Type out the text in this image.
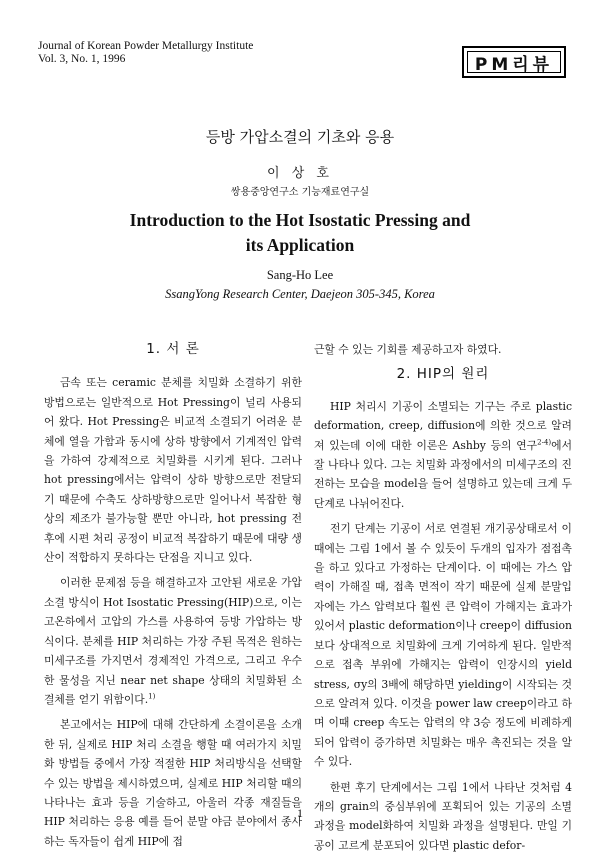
Journal of Korean Powder Metallurgy Institute
Vol. 3, No. 1, 1996	PM리뷰
등방 가압소결의 기초와 응용
이 상 호
쌍용중앙연구소 기능재료연구실
Introduction to the Hot Isostatic Pressing and
its Application
Sang-Ho Lee
SsangYong Research Center, Daejeon 305-345, Korea
1. 서 론

금속 또는 ceramic 분체를 치밀화 소결하기 위한 방법으로는 일반적으로 Hot Pressing이 널리 사용되어 왔다. Hot Pressing은 비교적 소결되기 어려운 분체에 열을 가함과 동시에 상하 방향에서 기계적인 압력을 가하여 강제적으로 치밀화를 시키게 된다. 그러나 hot pressing에서는 압력이 상하 방향으로만 전달되기 때문에 수축도 상하방향으로만 일어나서 복잡한 형상의 제조가 불가능할 뿐만 아니라, hot pressing 전후에 시편 처리 공정이 비교적 복잡하기 때문에 대량 생산이 적합하지 못하다는 단점을 지니고 있다.

이러한 문제점 등을 해결하고자 고안된 새로운 가압 소결 방식이 Hot Isostatic Pressing(HIP)으로, 이는 고온하에서 고압의 가스를 사용하여 등방 가압하는 방식이다. 분체를 HIP 처리하는 가장 주된 목적은 원하는 미세구조를 가지면서 경제적인 가격으로, 그리고 우수한 물성을 지닌 near net shape 상태의 치밀화된 소결체를 얻기 위함이다.$^{1)}$

본고에서는 HIP에 대해 간단하게 소결이론을 소개한 뒤, 실제로 HIP 처리 소결을 행할 때 여러가지 치밀화 방법들 중에서 가장 적절한 HIP 처리방식을 선택할 수 있는 방법을 제시하였으며, 실제로 HIP 처리할 때의 나타나는 효과 등을 기술하고, 아울러 각종 재질들을 HIP 처리하는 응용 예를 들어 분말 야금 분야에서 종사하는 독자들이 쉽게 HIP에 접

근할 수 있는 기회를 제공하고자 하였다.

2. HIP의 원리

HIP 처리시 기공이 소멸되는 기구는 주로 plastic deformation, creep, diffusion에 의한 것으로 알려져 있는데 이에 대한 이론은 Ashby 등의 연구$^{2-4)}$에서 잘 나타나 있다. 그는 치밀화 과정에서의 미세구조의 진전하는 모습을 model을 들어 설명하고 있는데 크게 두 단계로 나뉘어진다.

전기 단계는 기공이 서로 연결된 개기공상태로서 이 때에는 그림 1에서 볼 수 있듯이 두개의 입자가 점접촉을 하고 있다고 가정하는 단계이다. 이 때에는 가스 압력이 가해질 때, 접촉 면적이 작기 때문에 실제 분말입자에는 가스 압력보다 훨씬 큰 압력이 가해지는 효과가 있어서 plastic deformation이나 creep이 diffusion보다 상대적으로 치밀화에 크게 기여하게 된다. 일반적으로 접촉 부위에 가해지는 압력이 인장시의 yield stress, σy의 3배에 해당하면 yielding이 시작되는 것으로 알려져 있다. 이것을 power law creep이라고 하며 이때 creep 속도는 압력의 약 3승 정도에 비례하게 되어 압력이 증가하면 치밀화는 매우 촉진되는 것을 알 수 있다.

한편 후기 단계에서는 그림 1에서 나타난 것처럼 4개의 grain의 중심부위에 포획되어 있는 기공의 소멸 과정을 model화하여 치밀화 과정을 설명된다. 만일 기공이 고르게 분포되어 있다면 plastic defor-

1
